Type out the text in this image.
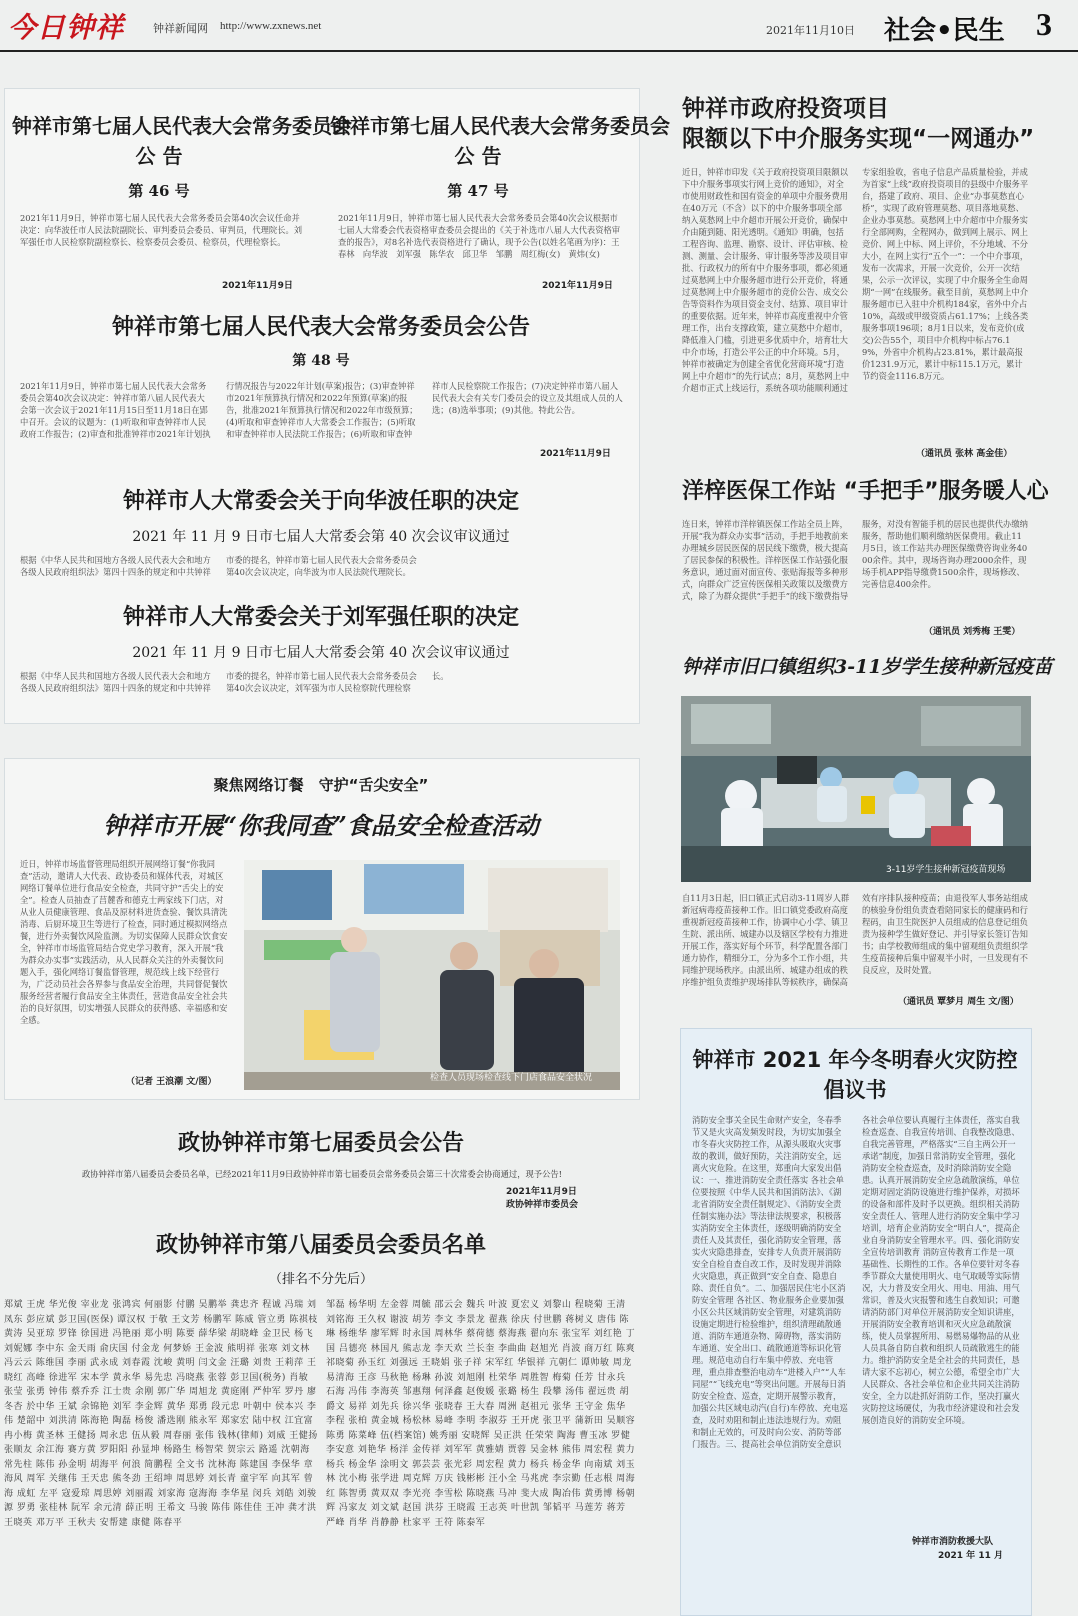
今日钟祥	钟祥新闻网 http://www.zxnews.net	2021年11月10日 社会•民生 3
钟祥市第七届人民代表大会常务委员会
公 告
第 46 号
2021年11月9日，钟祥市第七届人民代表大会常务委员会第40次会议任命并决定：向华波任市人民法院副院长、审判委员会委员、审判员，代理院长。刘军强任市人民检察院副检察长、检察委员会委员、检察员，代理检察长。
2021年11月9日
钟祥市第七届人民代表大会常务委员会
公 告
第 47 号
2021年11月9日，钟祥市第七届人民代表大会常务委员会第40次会议根据市七届人大常委会代表资格审查委员会提出的《关于补选市八届人大代表资格审查的报告》，对8名补选代表资格进行了确认，现予公告(以姓名笔画为序)：王春林　向华波　刘军强　陈华农　邱卫华　邹鹏　周红梅(女)　黄炜(女)
2021年11月9日
钟祥市第七届人民代表大会常务委员会公告
第 48 号
2021年11月9日，钟祥市第七届人民代表大会常务委员会第40次会议决定：钟祥市第八届人民代表大会第一次会议于2021年11月15日至11月18日在郢中召开。会议的议题为：(1)听取和审查钟祥市人民政府工作报告；(2)审查和批准钟祥市2021年计划执行情况报告与2022年计划(草案)报告；(3)审查钟祥市2021年预算执行情况和2022年预算(草案)的报告，批准2021年预算执行情况和2022年市级预算；(4)听取和审查钟祥市人大常委会工作报告；(5)听取和审查钟祥市人民法院工作报告；(6)听取和审查钟祥市人民检察院工作报告；(7)决定钟祥市第八届人民代表大会有关专门委员会的设立及其组成人员的人选；(8)选举事项；(9)其他。特此公告。
2021年11月9日
钟祥市人大常委会关于向华波任职的决定
2021 年 11 月 9 日市七届人大常委会第 40 次会议审议通过
根据《中华人民共和国地方各级人民代表大会和地方各级人民政府组织法》第四十四条的规定和中共钟祥市委的提名，钟祥市第七届人民代表大会常务委员会第40次会议决定，向华波为市人民法院代理院长。
钟祥市人大常委会关于刘军强任职的决定
2021 年 11 月 9 日市七届人大常委会第 40 次会议审议通过
根据《中华人民共和国地方各级人民代表大会和地方各级人民政府组织法》第四十四条的规定和中共钟祥市委的提名，钟祥市第七届人民代表大会常务委员会第40次会议决定，刘军强为市人民检察院代理检察长。
钟祥市政府投资项目
限额以下中介服务实现“一网通办”
近日，钟祥市印发《关于政府投资项目限额以下中介服务事项实行网上竞价的通知》，对全市使用财政性和国有资金的单项中介服务费用在40万元（不含）以下的中介服务事项全部纳入莫愁网上中介超市开展公开竞价，确保中介由随到随、阳光透明。《通知》明确，包括工程咨询、监理、勘察、设计、评估审核、检测、测量、会计服务、审计服务等涉及项目审批、行政权力的所有中介服务事项，都必须通过莫愁网上中介服务超市进行公开竞价，将通过莫愁网上中介服务超市的竞价公告、成交公告等资料作为项目资金支付、结算、项目审计的重要依据。近年来，钟祥市高度重视中介管理工作，出台支撑政策，建立莫愁中介超市，降低准入门槛，引进更多优质中介，培育壮大中介市场，打造公平公正的中介环境。5月，钟祥市被确定为创建全省优化营商环境“打造网上中介超市”的先行试点；8月，莫愁网上中介超市正式上线运行，系统各项功能顺利通过专家组验收，省电子信息产品质量检验，并成为首家“上线”政府投资项目的县级中介服务平台，搭建了政府、项目、企业“办事莫愁直心桥”，实现了政府管理莫愁、项目落地莫愁、企业办事莫愁。莫愁网上中介超市中介服务实行全部网购，全程网办，做到网上展示、网上竞价、网上中标、网上评价，不分地域、不分大小，在网上实行“五个一”：一个中介事项，发布一次需求，开展一次竞价，公开一次结果，公示一次评议，实现了中介服务全生命周期“一网”在线服务。截至目前，莫愁网上中介服务超市已入驻中介机构184家，省外中介占10%，高级或甲级资质占61.17%；上线各类服务事项196项；8月1日以来，发布竞价(成交)公告55个，项目中介机构中标占76.19%，外省中介机构占23.81%，累计最高报价1231.9万元，累计中标115.1万元，累计节约资金1116.8万元。
（通讯员 张林 高金佳）
洋梓医保工作站 “手把手”服务暖人心
连日来，钟祥市洋梓镇医保工作站全员上阵，开展“我为群众办实事”活动，手把手地教前来办理城乡居民医保的居民线下缴费，极大提高了居民参保的积极性。洋梓医保工作站强化服务意识，通过面对面宣传、张贴海报等多种形式，向群众广泛宣传医保相关政策以及缴费方式，除了为群众提供“手把手”的线下缴费指导服务，对没有智能手机的居民也提供代办缴纳服务，帮助他们顺利缴纳医保费用。截止11月5日，该工作站共办理医保缴费咨询业务4000余件。其中，现场咨询办理2000余件，现场手机APP指导缴费1500余件，现场修改、完善信息400余件。
（通讯员 刘秀梅 王雯）
钟祥市旧口镇组织3-11岁学生接种新冠疫苗
3-11岁学生接种新冠疫苗现场
自11月3日起，旧口镇正式启动3-11周岁人群新冠病毒疫苗接种工作。旧口镇党委政府高度重视新冠疫苗接种工作，协调中心小学、镇卫生院、派出所、城建办以及辖区学校有力推进开展工作，落实好每个环节，科学配置各部门通力协作，精细分工，分为多个工作小组，共同维护现场秩序。由派出所、城建办组成的秩序维护组负责维护现场排队等候秩序，确保高效有序排队接种疫苗；由退役军人事务站组成的核验身份组负责查看陪同家长的健康码和行程码，由卫生院医护人员组成的信息登记组负责为接种学生做好登记、并引导家长签订告知书；由学校教师组成的集中留观组负责组织学生疫苗接种后集中留观半小时，一旦发现有不良反应，及时处置。
（通讯员 覃梦月 周生 文/图）
聚焦网络订餐　守护“舌尖安全”
钟祥市开展“你我同查”食品安全检查活动
近日，钟祥市场监督管理局组织开展网络订餐“你我同查”活动，邀请人大代表、政协委员和媒体代表，对城区网络订餐单位进行食品安全检查，共同守护“舌尖上的安全”。检查人员抽查了莒麓香和德克士两家线下门店，对从业人员健康管理、食品及原材料进货查验、餐饮具清洗消毒、后厨环境卫生等进行了检查，同时通过模拟网络点餐，进行外卖餐饮风险监测。为切实保障人民群众饮食安全，钟祥市市场监管局结合党史学习教育，深入开展“我为群众办实事”实践活动，从人民群众关注的外卖餐饮问题入手，强化网络订餐监督管理，规范线上线下经营行为，广泛动员社会各界参与食品安全治理，共同督促餐饮服务经营者履行食品安全主体责任，营造食品安全社会共治的良好氛围，切实增强人民群众的获得感、幸福感和安全感。
（记者 王浪潮 文/图）	检查人员现场检查线下门店食品安全状况
政协钟祥市第七届委员会公告
政协钟祥市第八届委员会委员名单，已经2021年11月9日政协钟祥市第七届委员会常务委员会第三十次常委会协商通过，现予公告!
2021年11月9日
政协钟祥市委员会
政协钟祥市第八届委员会委员名单
（排名不分先后）
郑斌 王虎 华光俊 宰业龙 张鸿宾 何丽影 付鹏 吴鹏举 龚忠齐 程诚 冯瑞 刘凤东 彭应斌 彭卫国(医保) 谭汉权 于敬 王文芳 杨鹏军 陈威 管立勇 陈祺枝 黄涛 吴亚琼 罗锋 徐国进 冯艳丽 郑小明 陈要 薛华梁 胡晓峰 金卫民 杨飞 刘妮娜 李中东 金天雨 俞庆国 付金龙 何梦娇 王金波 熊明祥 张寒 刘文林 冯云云 陈维国 李丽 武永成 刘春霞 沈峻 黄明 闫文金 汪璐 刘贵 王莉萍 王晓红 高峰 徐进军 宋本学 黄永华 易先忠 冯晓燕 张蓉 彭卫国(税务) 肖敏 张莹 张勇 钟伟 蔡乔乔 江士贵 余刚 郭广华 周旭龙 黄庭刚 严仲军 罗丹 廖冬杏 於中华 王斌 余锦艳 刘军 李金辉 黄华 郑勇 段元忠 叶朝中 侯本兴 李伟 楚韶中 刘洪清 陈海艳 陶磊 杨俊 潘选刚 熊永军 郑家宏 陆中权 江宜富 冉小梅 黄圣林 王健扬 周永忠 伍从毅 周春丽 张伟 钱林(律师) 刘威 王健扬 张顺友 余江海 赛方黄 罗阳阳 孙显坤 杨路生 杨智荣 贺宗云 路遥 沈朝海 常先柱 陈伟 孙金明 胡海平 何浪 简鹏程 全文书 沈林海 陈建国 李保华 章海风 周军 关继伟 王天忠 熊冬劲 王绍坤 周思婷 刘长青 童宇军 向其军 曾海 成虹 左平 寇爱琼 周思婷 刘丽霞 刘家海 寇海海 李华星 闵兵 刘皓 刘骏源 罗勇 张桂林 阮军 余元清 薛正明 王希文 马骏 陈伟 陈佳佳 王冲 龚才洪 王晓英 邓万平 王秋夫 安帮建 康健 陈春平
邹磊 杨华明 左金蓉 周毓 邵云会 魏兵 叶波 夏宏义 刘黎山 程晓菊 王清 刘铭海 王久权 谢波 胡芳 李文 李景龙 翟燕 徐庆 付世鹏 蒋树义 唐伟 陈琳 杨维华 廖军辉 时永国 周林华 蔡荷德 蔡海燕 翟向东 张宝军 刘红艳 丁国 吕德亮 林国凡 熊志龙 李天欢 兰长奎 李曲曲 赵旭光 肖波 商万红 陈爽 祁晓菊 孙玉红 刘强远 王晓娟 张子祥 宋军红 华银祥 亢朝仁 谭帅敏 周龙 易清海 王彦 马秋艳 杨琳 孙波 刘旭刚 杜荣华 周胜智 梅菊 任芳 甘永兵 石海 冯伟 李海英 邹惠翔 何泽鑫 赵俊媛 张璐 杨生 段攀 汤伟 翟远贵 胡爵文 易祥 刘先兵 徐兴华 张晓春 王大春 周洲 赵祖元 张华 王守金 焦华 李程 张柏 黄金城 杨松林 易峰 李明 李淑芬 王开虎 张卫平 蒲新田 吴顺容 陈勇 陈菜峰 伍(档案馆) 姚秀丽 安晓辉 吴正洪 任荣荣 陶海 曹玉冰 罗健 李安意 刘艳华 杨洋 金传祥 刘军军 黄雅婧 贾蓉 吴金林 熊伟 周宏程 黄力 杨兵 杨金华 涂明文 郭芸芸 张光彩 周宏程 黄力 杨兵 杨金华 向南斌 刘玉林 沈小梅 张学进 周克辉 万庆 钱彬彬 汪小全 马兆虎 李宗勤 任志根 周海红 陈智勇 黄双双 李光亮 李雪松 陈晓燕 马冲 斐大成 陶冶伟 黄勇博 杨朝辉 冯家友 刘文斌 赵国 洪芬 王晓霞 王志英 叶世凯 邹韬平 马莲芳 蒋芳 严峰 肖华 肖静静 杜家平 王符 陈泰军
钟祥市 2021 年今冬明春火灾防控
倡议书
消防安全事关全民生命财产安全，冬春季节又是火灾高发频发时段，为切实加强全市冬春火灾防控工作，从源头吸取火灾事故的教训，做好预防，关注消防安全，远离火灾危险。在这里，郑重向大家发出倡议：一、推进消防安全责任落实 各社会单位要按照《中华人民共和国消防法》、《湖北省消防安全责任制规定》、《消防安全责任制实施办法》等法律法规要求，积极落实消防安全主体责任，逐级明确消防安全责任人及其责任，强化消防安全管理，落实火灾隐患排查，安排专人负责开展消防安全自检自查自改工作，及时发现并消除火灾隐患，真正做到“安全自查、隐患自除、责任自负”。二、加强居民住宅小区消防安全管理 各社区、物业服务企业要加强小区公共区域消防安全管理，对建筑消防设施定期进行检验维护，组织清理疏散通道、消防车通道杂物、障碍物，落实消防车通道、安全出口、疏散通道等标识化管理。规范电动自行车集中停放、充电管理，重点排查整治电动车“进楼入户”“人车同屋”“飞线充电”等突出问题。开展每日消防安全检查、巡查，定期开展警示教育，加强公共区域电动汽(自行)车停放、充电巡查，及时劝阻和制止违法违规行为。劝阻和制止无效的，可及时向公安、消防等部门报告。三、提高社会单位消防安全意识
各社会单位要认真履行主体责任，落实自我检查巡查、自我宣传培训、自我整改隐患、自我完善管理，严格落实“三自主两公开一承诺”制度，加强日常消防安全管理，强化消防安全检查巡查，及时消除消防安全隐患。认真开展消防安全应急疏散演练，单位定期对固定消防设施进行维护保养，对损坏的设备和部件及时予以更换。组织相关消防安全责任人、管理人进行消防安全集中学习培训，培育企业消防安全“明白人”，提高企业自身消防安全管理水平。四、强化消防安全宣传培训教育 消防宣传教育工作是一项基础性、长期性的工作。各单位要针对冬春季节群众大量使用明火、电气取暖等实际情况，大力普及安全用火、用电、用油、用气常识，普及火灾报警和逃生自救知识；可邀请消防部门对单位开展消防安全知识讲座，开展消防安全教育培训和灭火应急疏散演练，使人员掌握所用、易燃易爆物品的从业人员具备自防自救和组织人员疏散逃生的能力。维护消防安全是全社会的共同责任，恳请大家不忘初心，树立公德，希望全市广大人民群众、各社会单位和企业共同关注消防安全，全力以赴抓好消防工作，坚决打赢火灾防控这场硬仗，为我市经济建设和社会发展创造良好的消防安全环境。
钟祥市消防救援大队
2021 年 11 月
